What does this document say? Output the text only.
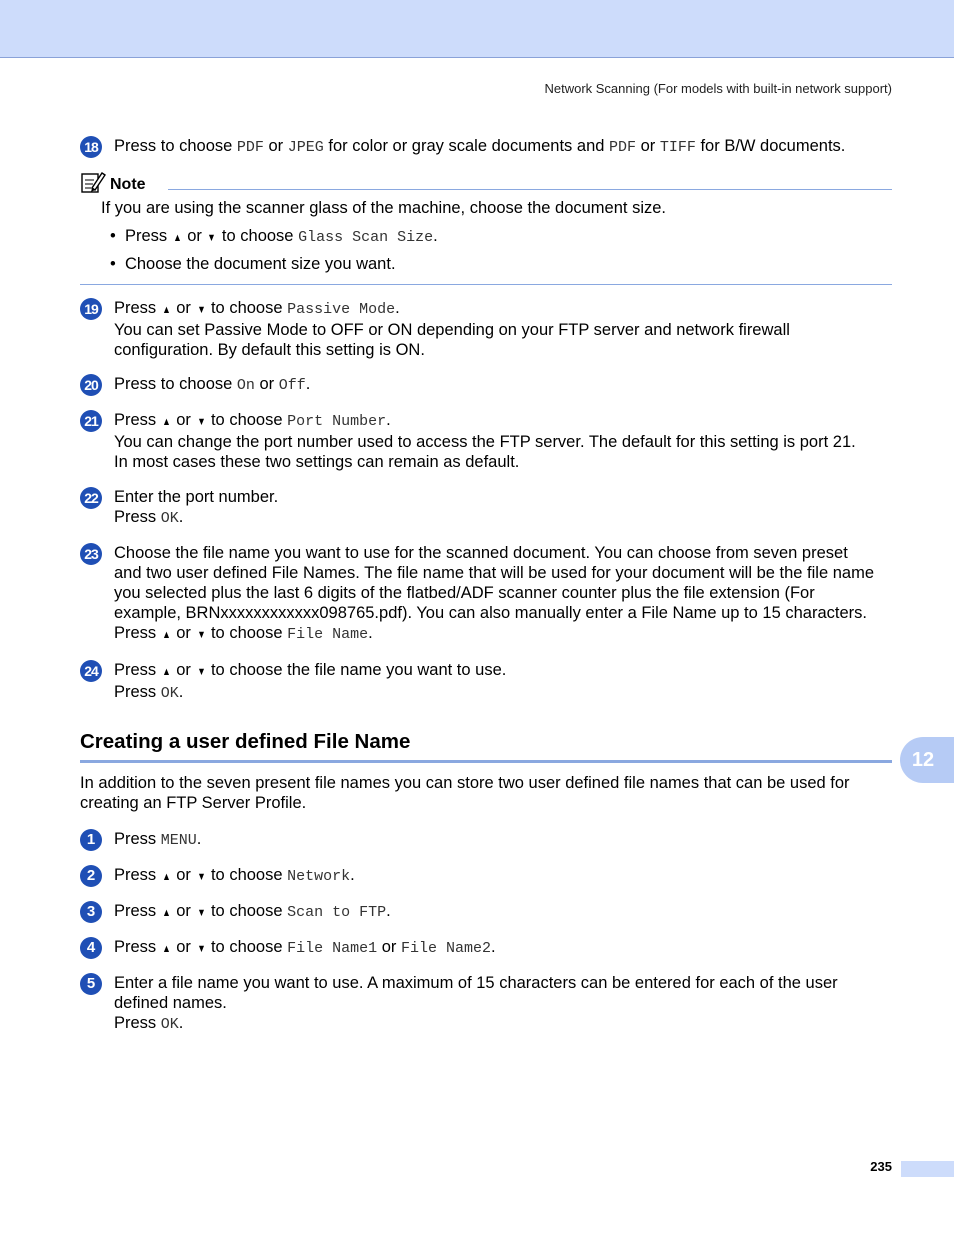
Network Scanning (For models with built-in network support)
18 Press to choose PDF or JPEG for color or gray scale documents and PDF or TIFF for B/W documents.
Note
If you are using the scanner glass of the machine, choose the document size.
•  Press ▲ or ▼ to choose Glass Scan Size.
•  Choose the document size you want.
19 Press ▲ or ▼ to choose Passive Mode.
You can set Passive Mode to OFF or ON depending on your FTP server and network firewall
configuration. By default this setting is ON.
20 Press to choose On or Off.
21 Press ▲ or ▼ to choose Port Number.
You can change the port number used to access the FTP server. The default for this setting is port 21.
In most cases these two settings can remain as default.
22 Enter the port number.
Press OK.
23 Choose the file name you want to use for the scanned document. You can choose from seven preset
and two user defined File Names. The file name that will be used for your document will be the file name
you selected plus the last 6 digits of the flatbed/ADF scanner counter plus the file extension (For
example, BRNxxxxxxxxxxxx098765.pdf). You can also manually enter a File Name up to 15 characters.
Press ▲ or ▼ to choose File Name.
24 Press ▲ or ▼ to choose the file name you want to use.
Press OK.
Creating a user defined File Name
In addition to the seven present file names you can store two user defined file names that can be used for
creating an FTP Server Profile.
1	Press MENU.
2	Press ▲ or ▼ to choose Network.
3	Press ▲ or ▼ to choose Scan to FTP.
4	Press ▲ or ▼ to choose File Name1 or File Name2.
5	Enter a file name you want to use. A maximum of 15 characters can be entered for each of the user
defined names.
Press OK.
12
235
